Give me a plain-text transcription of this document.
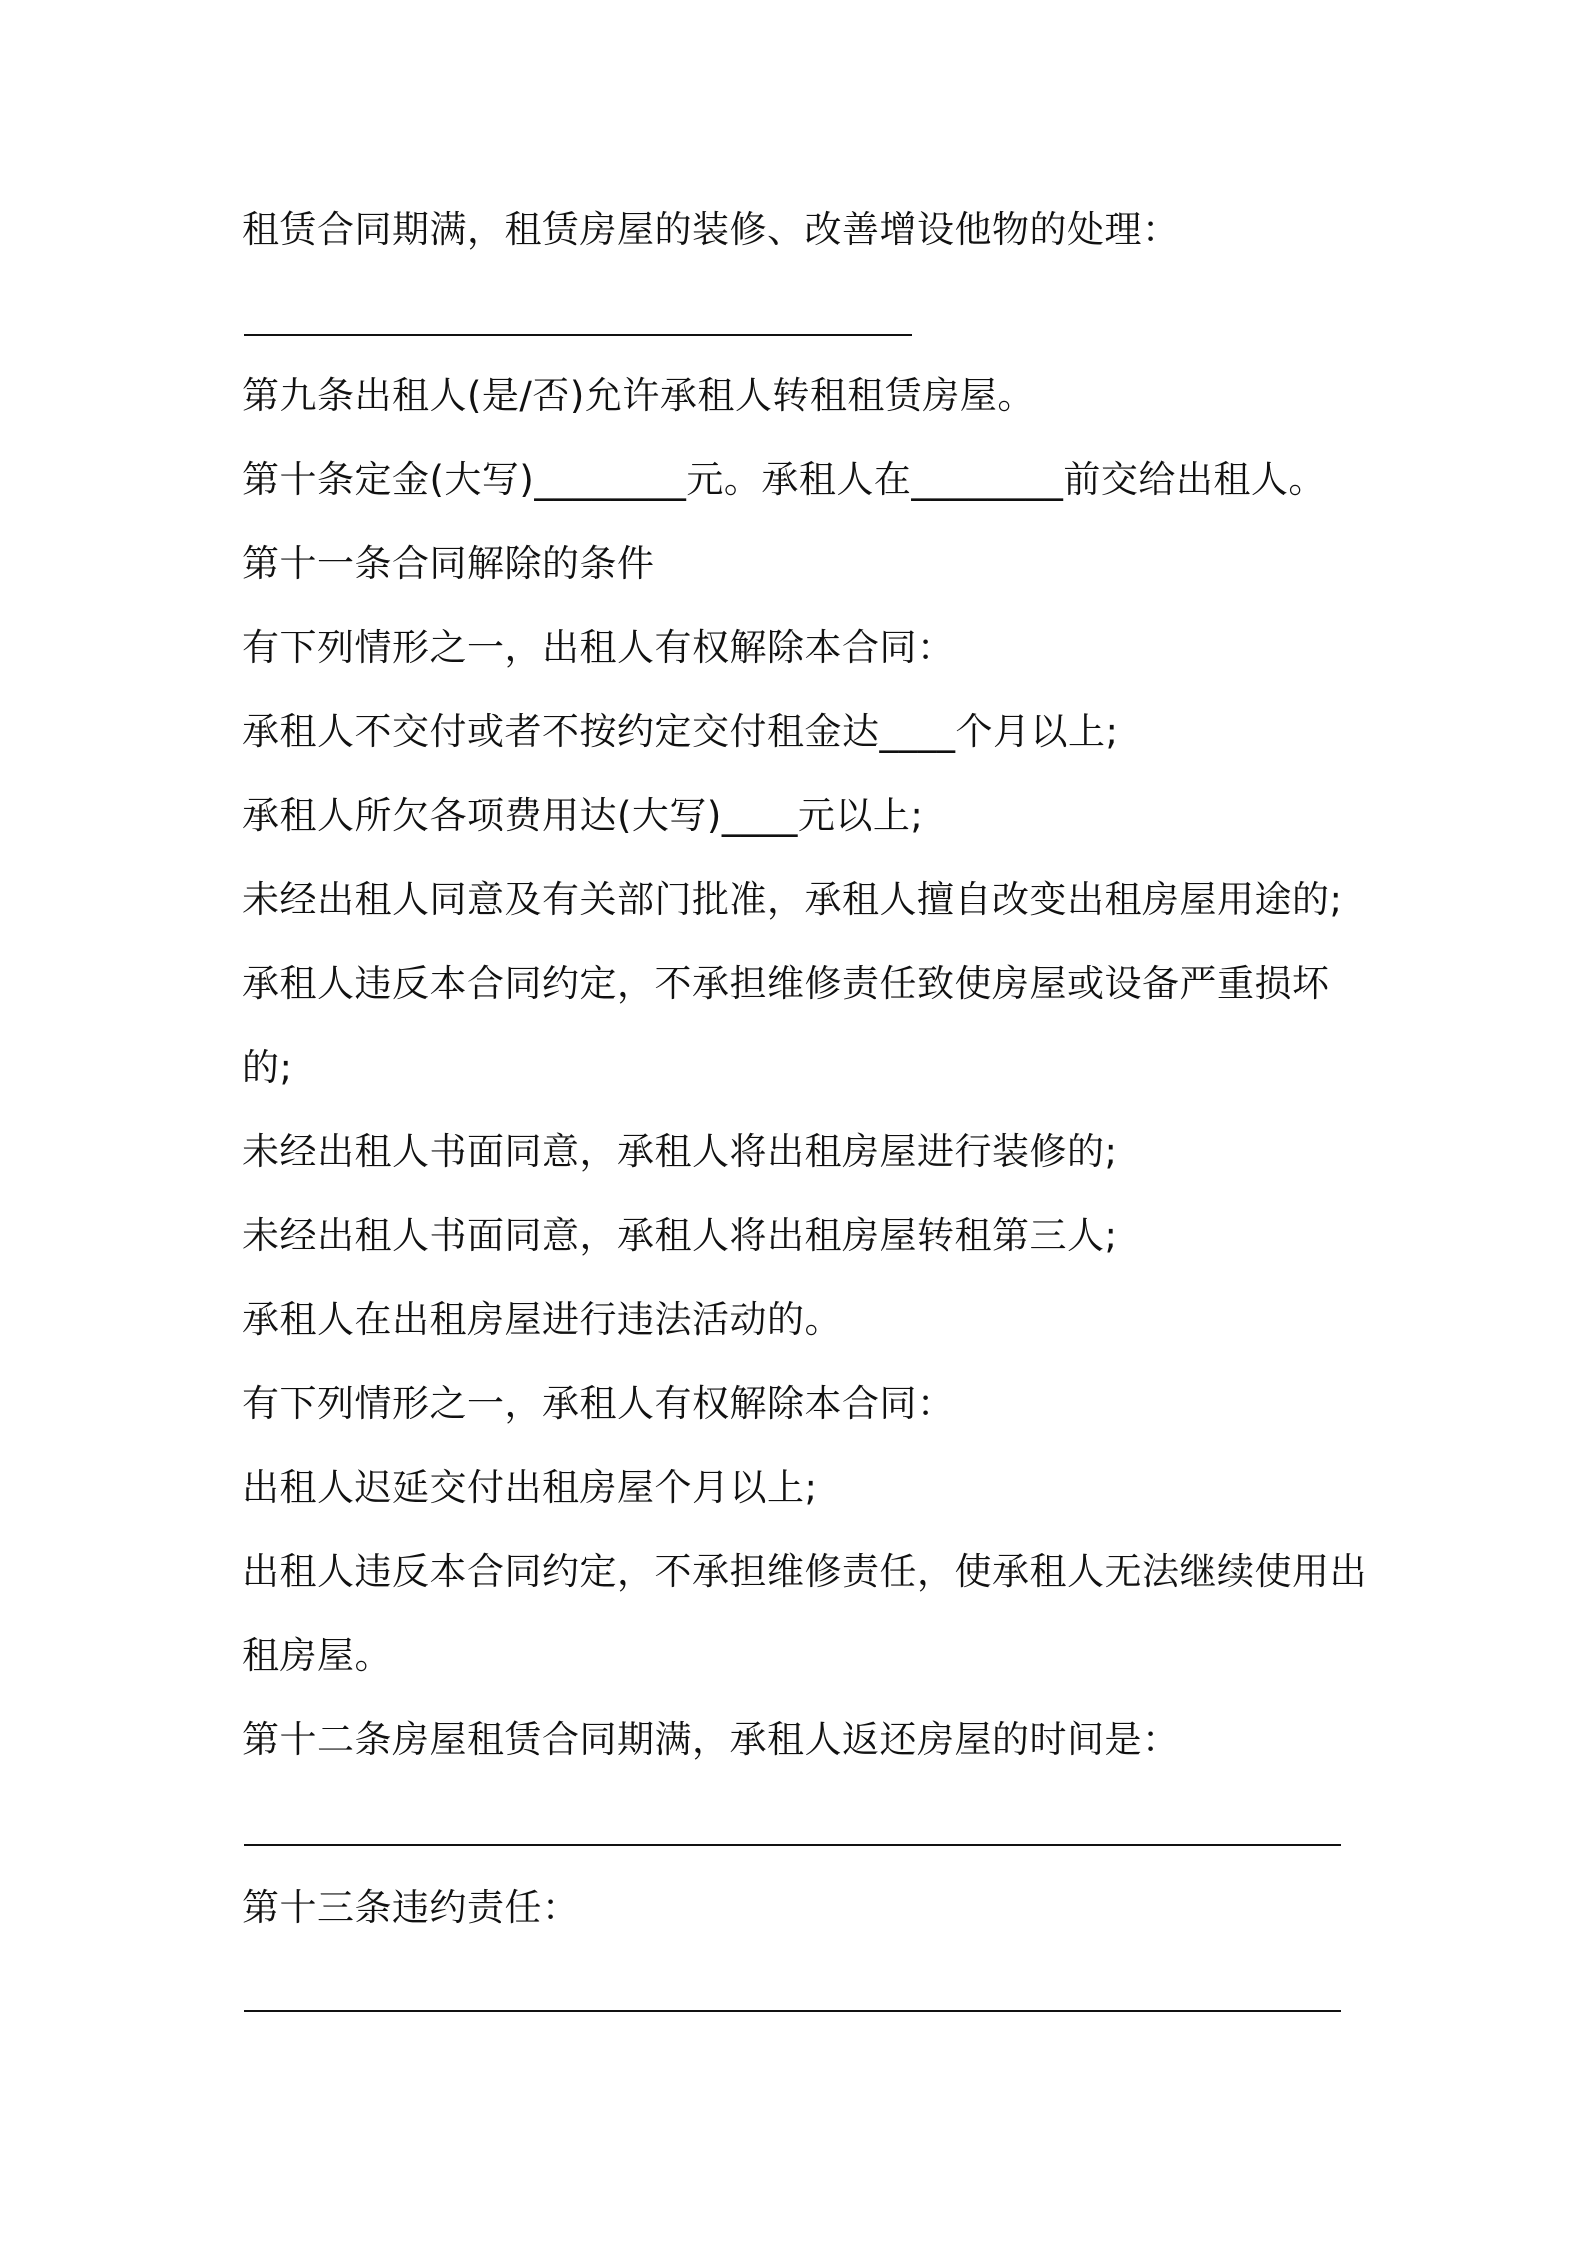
租赁合同期满，租赁房屋的装修、改善增设他物的处理：
第九条出租人(是/否)允许承租人转租租赁房屋。
第十条定金(大写)________元。承租人在________前交给出租人。
第十一条合同解除的条件
有下列情形之一，出租人有权解除本合同：
承租人不交付或者不按约定交付租金达____个月以上;
承租人所欠各项费用达(大写)____元以上;
未经出租人同意及有关部门批准，承租人擅自改变出租房屋用途的;
承租人违反本合同约定，不承担维修责任致使房屋或设备严重损坏
的;
未经出租人书面同意，承租人将出租房屋进行装修的;
未经出租人书面同意，承租人将出租房屋转租第三人;
承租人在出租房屋进行违法活动的。
有下列情形之一，承租人有权解除本合同：
出租人迟延交付出租房屋个月以上;
出租人违反本合同约定，不承担维修责任，使承租人无法继续使用出
租房屋。
第十二条房屋租赁合同期满，承租人返还房屋的时间是：
第十三条违约责任：
